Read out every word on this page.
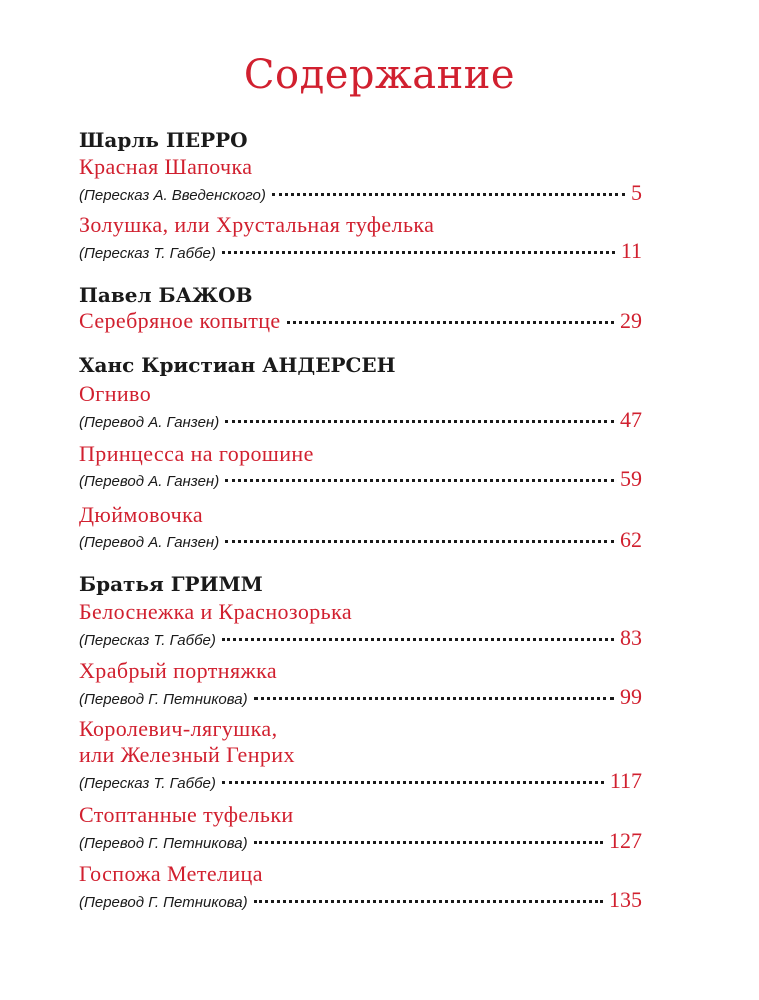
Содержание
Шарль ПЕРРО
Красная Шапочка
(Пересказ А. Введенского)	5
Золушка, или Хрустальная туфелька
(Пересказ Т. Габбе)	11
Павел БАЖОВ
Серебряное копытце	29
Ханс Кристиан АНДЕРСЕН
Огниво
(Перевод А. Ганзен)	47
Принцесса на горошине
(Перевод А. Ганзен)	59
Дюймовочка
(Перевод А. Ганзен)	62
Братья ГРИММ
Белоснежка и Краснозорька
(Пересказ Т. Габбе)	83
Храбрый портняжка
(Перевод Г. Петникова)	99
Королевич-лягушка,
или Железный Генрих
(Пересказ Т. Габбе)	117
Стоптанные туфельки
(Перевод Г. Петникова)	127
Госпожа Метелица
(Перевод Г. Петникова)	135
